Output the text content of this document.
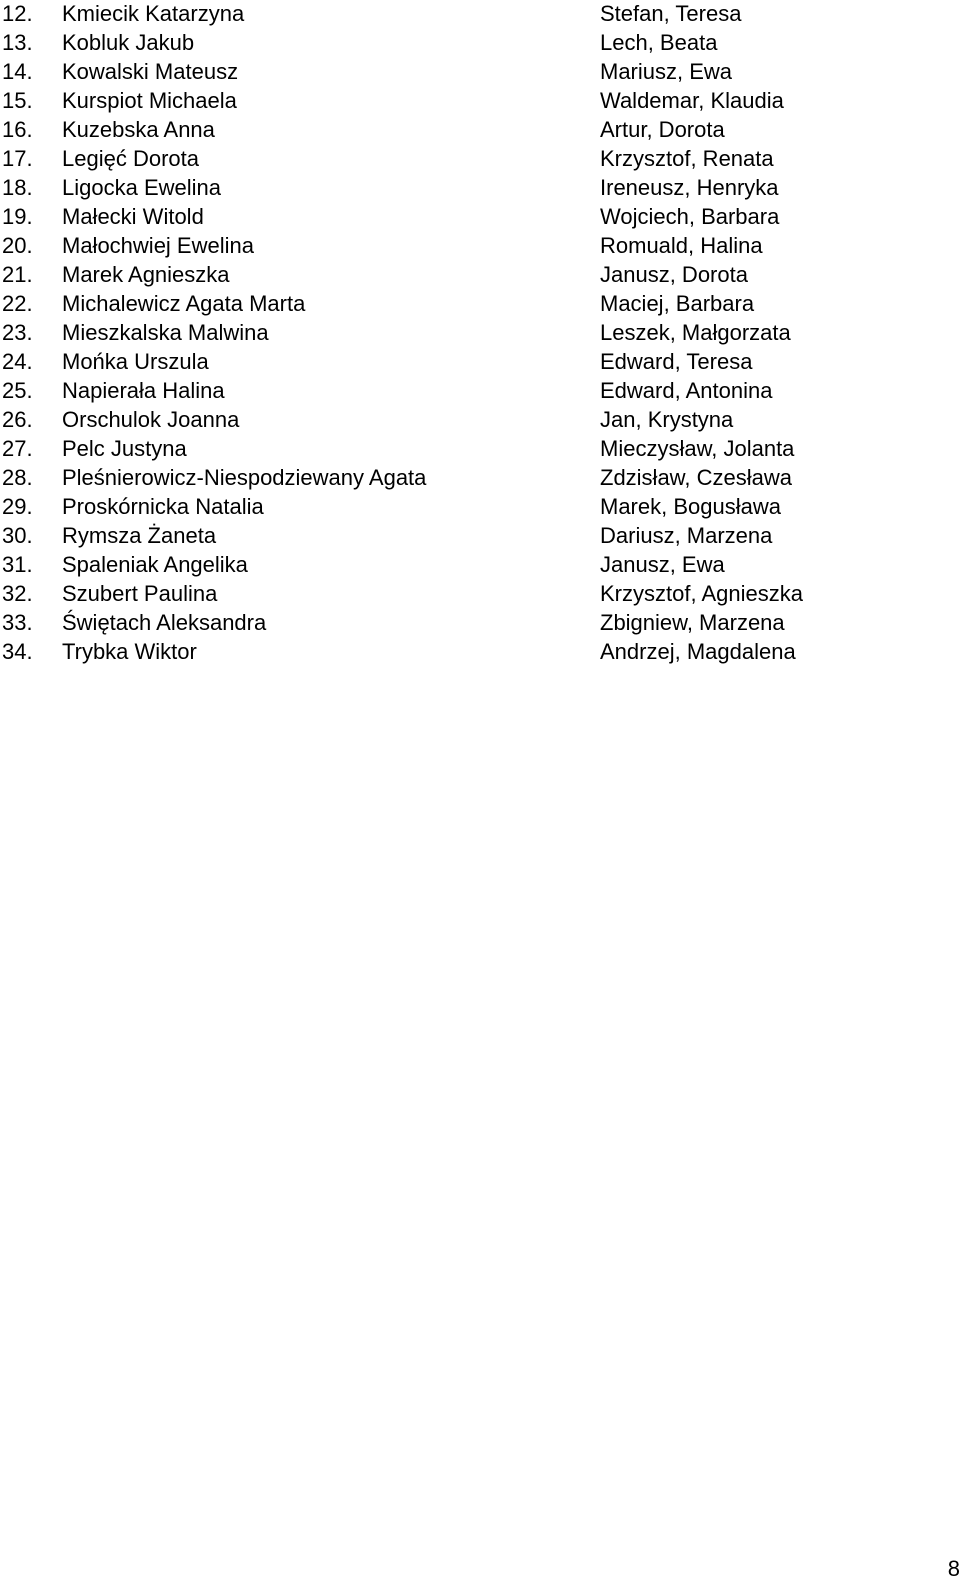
12. Kmiecik Katarzyna	Stefan, Teresa
13. Kobluk Jakub	Lech, Beata
14. Kowalski Mateusz	Mariusz, Ewa
15. Kurspiot Michaela	Waldemar, Klaudia
16. Kuzebska Anna	Artur, Dorota
17. Legięć Dorota	Krzysztof, Renata
18. Ligocka Ewelina	Ireneusz, Henryka
19. Małecki Witold	Wojciech, Barbara
20. Małochwiej Ewelina	Romuald, Halina
21. Marek Agnieszka	Janusz, Dorota
22. Michalewicz Agata Marta	Maciej, Barbara
23. Mieszkalska Malwina	Leszek, Małgorzata
24. Mońka Urszula	Edward, Teresa
25. Napierała Halina	Edward, Antonina
26. Orschulok Joanna	Jan, Krystyna
27. Pelc Justyna	Mieczysław, Jolanta
28. Pleśnierowicz-Niespodziewany Agata	Zdzisław, Czesława
29. Proskórnicka Natalia	Marek, Bogusława
30. Rymsza Żaneta	Dariusz, Marzena
31. Spaleniak Angelika	Janusz, Ewa
32. Szubert Paulina	Krzysztof, Agnieszka
33. Świętach Aleksandra	Zbigniew, Marzena
34. Trybka Wiktor	Andrzej, Magdalena
8
